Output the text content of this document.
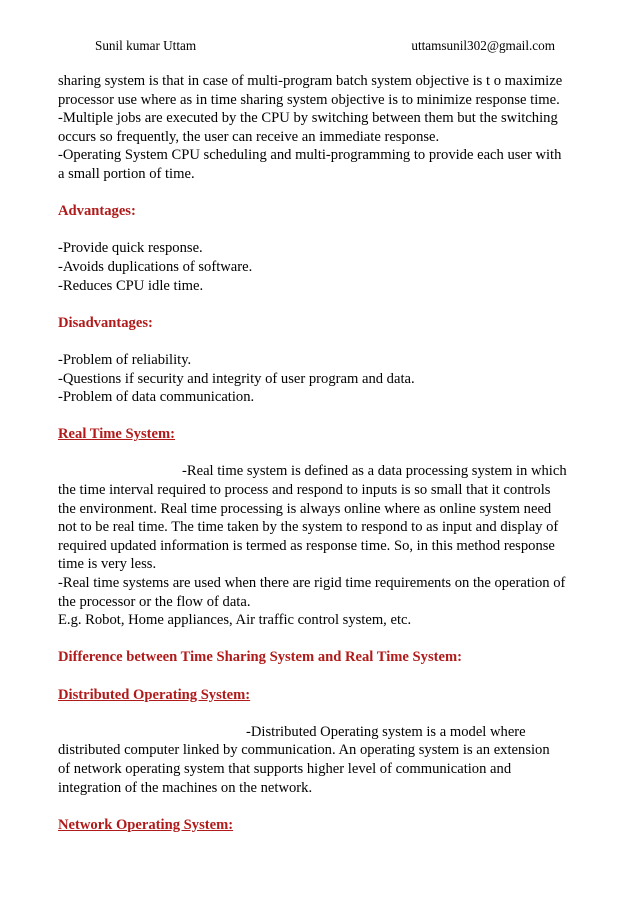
Sunil kumar Uttam	uttamsunil302@gmail.com

sharing system is that in case of multi-program batch system objective is t o maximize

processor use where as in time sharing system objective is to minimize response time.

-Multiple jobs are executed by the CPU by switching between them but the switching

occurs so frequently, the user can receive an immediate response.

-Operating System CPU scheduling and multi-programming to provide each user with

a small portion of time.

Advantages:

-Provide quick response.

-Avoids duplications of software.

-Reduces CPU idle time.

Disadvantages:

-Problem of reliability.

-Questions if security and integrity of user program and data.

-Problem of data communication.

Real Time System:

-Real time system is defined as a data processing system in which

the time interval required to process and respond to inputs is so small that it controls

the environment. Real time processing is always online where as online system need

not to be real time. The time taken by the system to respond to as input and display of

required updated information is termed as response time. So, in this method response

time is very less.

-Real time systems are used when there are rigid time requirements on the operation of

the processor or the flow of data.

E.g. Robot, Home appliances, Air traffic control system, etc.

Difference between Time Sharing System and Real Time System:

Distributed Operating System:

-Distributed Operating system is a model where

distributed computer linked by communication. An operating system is an extension

of network operating system that supports higher level of communication and

integration of the machines on the network.

Network Operating System:
